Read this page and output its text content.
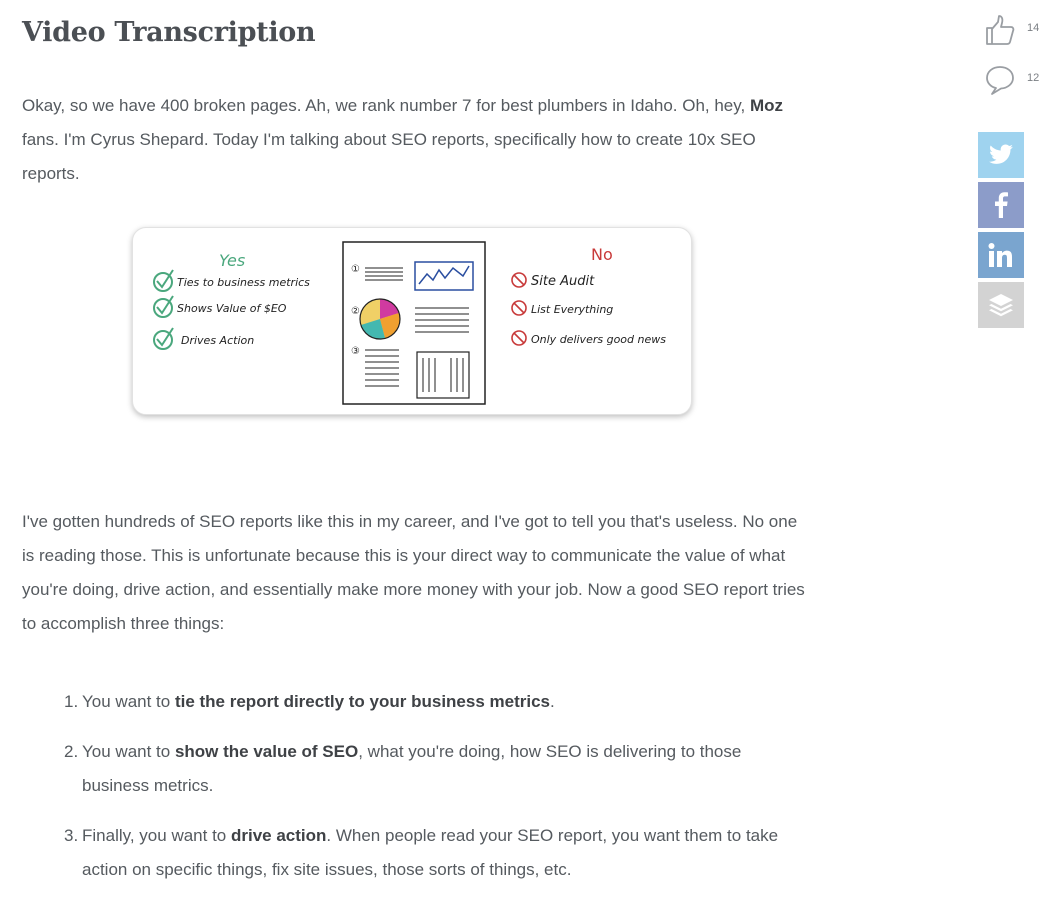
Video Transcription

Okay, so we have 400 broken pages. Ah, we rank number 7 for best plumbers in Idaho. Oh, hey, Moz fans. I'm Cyrus Shepard. Today I'm talking about SEO reports, specifically how to create 10x SEO reports.

Yes
Ties to business metrics
Shows Value of $EO
Drives Action
①
②
③
No
Site Audit
List Everything
Only delivers good news

I've gotten hundreds of SEO reports like this in my career, and I've got to tell you that's useless. No one is reading those. This is unfortunate because this is your direct way to communicate the value of what you're doing, drive action, and essentially make more money with your job. Now a good SEO report tries to accomplish three things:

1. You want to tie the report directly to your business metrics.
2. You want to show the value of SEO, what you're doing, how SEO is delivering to those business metrics.
3. Finally, you want to drive action. When people read your SEO report, you want them to take action on specific things, fix site issues, those sorts of things, etc.
14
12
